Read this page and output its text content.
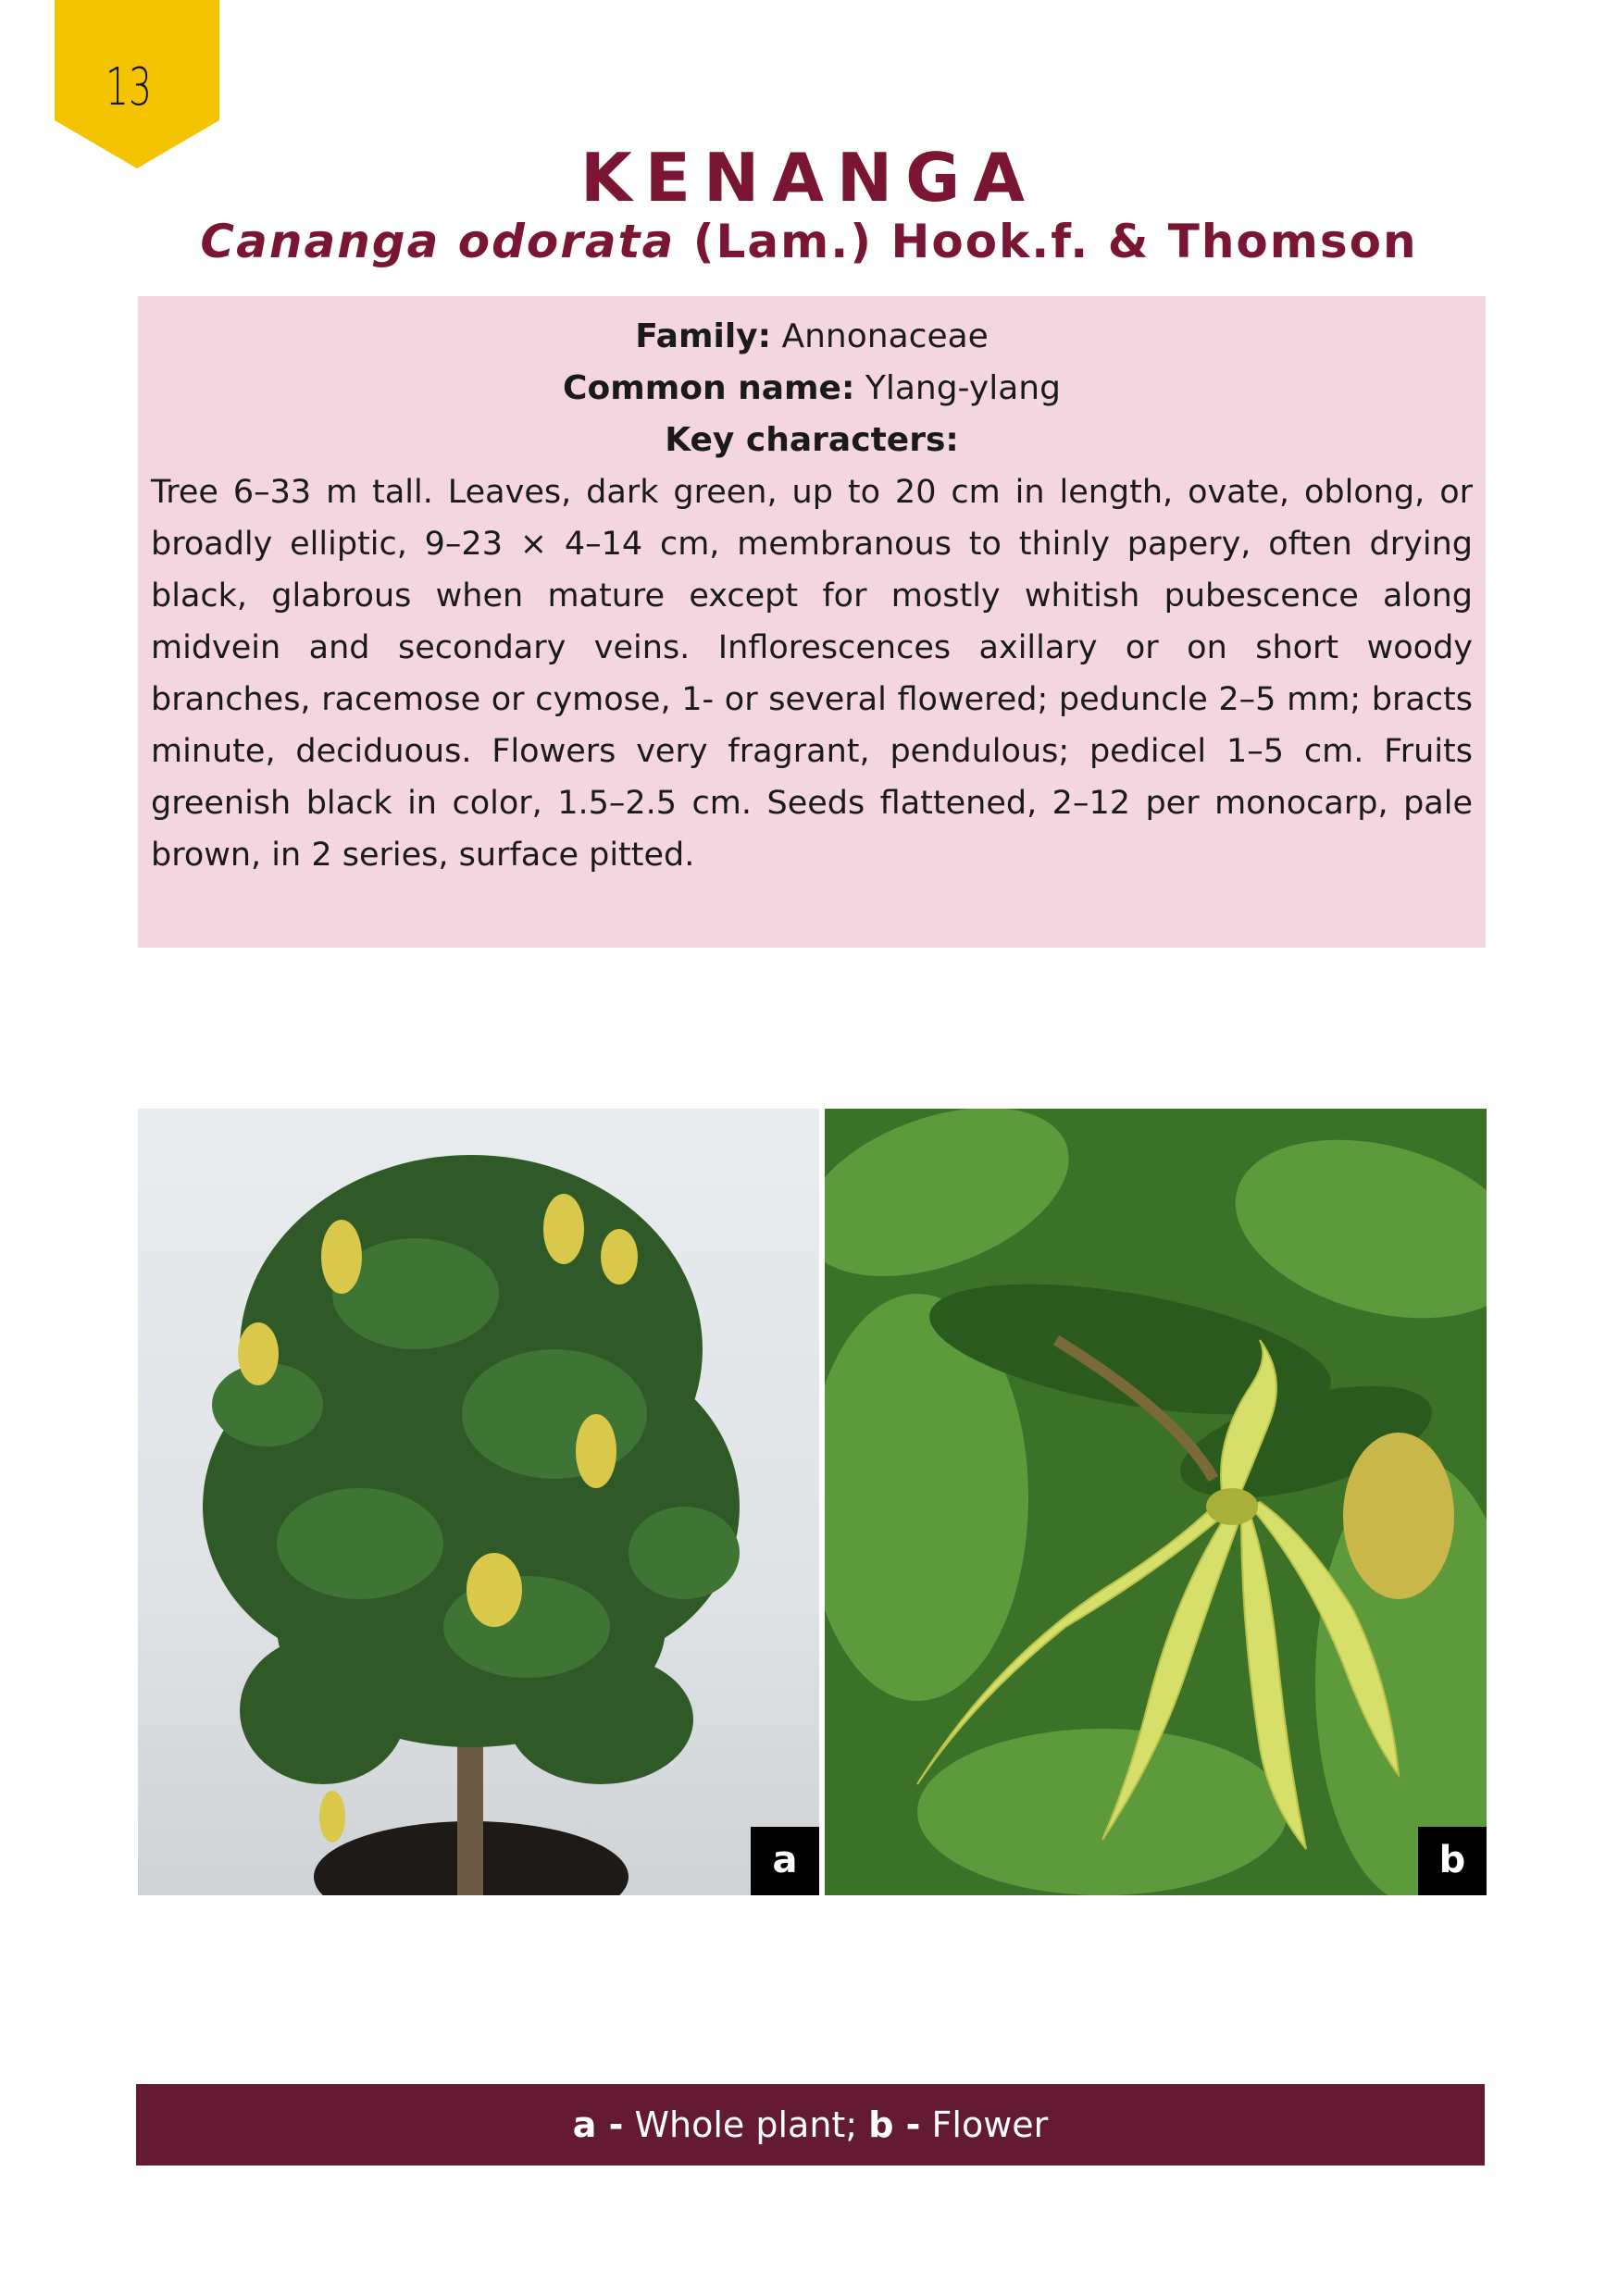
13
KENANGA
Cananga odorata (Lam.) Hook.f. & Thomson
Family: Annonaceae
Common name: Ylang-ylang
Key characters:
Tree 6–33 m tall. Leaves, dark green, up to 20 cm in length, ovate, oblong, or broadly elliptic, 9–23 × 4–14 cm, membranous to thinly papery, often drying black, glabrous when mature except for mostly whitish pubescence along midvein and secondary veins. Inflorescences axillary or on short woody branches, racemose or cymose, 1- or several flowered; peduncle 2–5 mm; bracts minute, deciduous. Flowers very fragrant, pendulous; pedicel 1–5 cm. Fruits greenish black in color, 1.5–2.5 cm. Seeds flattened, 2–12 per monocarp, pale brown, in 2 series, surface pitted.
a	b
a - Whole plant; b - Flower
